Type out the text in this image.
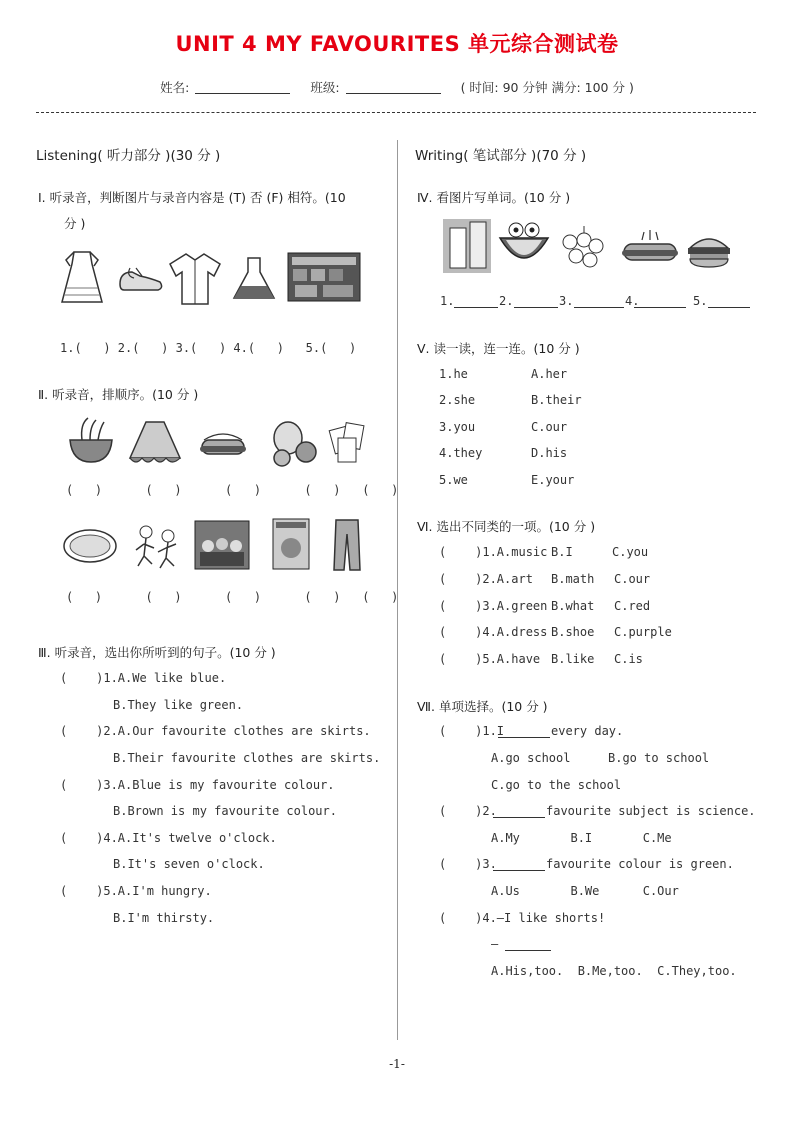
UNIT 4 MY FAVOURITES 单元综合测试卷
姓名:	班级:	( 时间: 90 分钟 满分: 100 分 )
Listening( 听力部分 )(30 分 )
Ⅰ. 听录音，判断图片与录音内容是 (T) 否 (F) 相符。(10
分 )
1.(   ) 2.(   ) 3.(   ) 4.(   )   5.(   )
Ⅱ. 听录音，排顺序。(10 分 )
(   )      (   )      (   )      (   )   (   )
(   )      (   )      (   )      (   )   (   )
Ⅲ. 听录音，选出你所听到的句子。(10 分 )
(    )1.A.We like blue.
B.They like green.
(    )2.A.Our favourite clothes are skirts.
B.Their favourite clothes are skirts.
(    )3.A.Blue is my favourite colour.
B.Brown is my favourite colour.
(    )4.A.It's twelve o'clock.
B.It's seven o'clock.
(    )5.A.I'm hungry.
B.I'm thirsty.
Writing( 笔试部分 )(70 分 )
Ⅳ. 看图片写单词。(10 分 )
1.	2.	3.	4.	5.
Ⅴ. 读一读，连一连。(10 分 )
1.he	A.her
2.she	B.their
3.you	C.our
4.they	D.his
5.we	E.your
Ⅵ. 选出不同类的一项。(10 分 )
(    )1.A.music B.I	C.you
(    )2.A.art B.math C.our
(    )3.A.green B.what C.red
(    )4.A.dress B.shoe C.purple
(    )5.A.have B.like C.is
Ⅶ. 单项选择。(10 分 )
(    )1.I	every day.
A.go school	B.go to school
C.go to the school
(    )2.	favourite subject is science.
A.My       B.I       C.Me
(    )3.	favourite colour is green.
A.Us       B.We      C.Our
(    )4.—I like shorts!
—
A.His,too.  B.Me,too.  C.They,too.
-1-
